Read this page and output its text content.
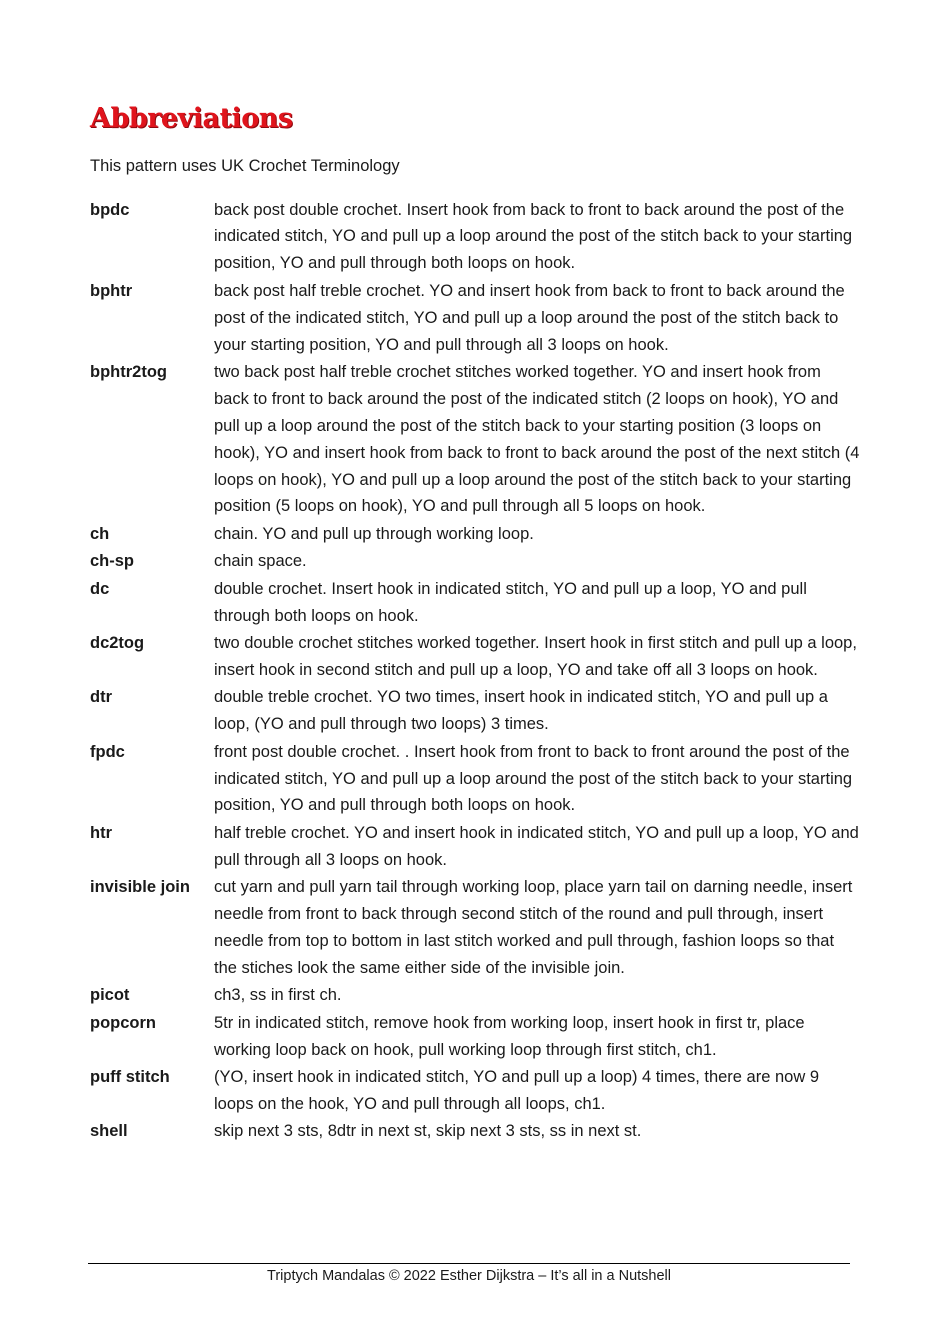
Abbreviations

This pattern uses UK Crochet Terminology

bpdc	back post double crochet. Insert hook from back to front to back around the post of the indicated stitch, YO and pull up a loop around the post of the stitch back to your starting position, YO and pull through both loops on hook.
bphtr	back post half treble crochet. YO and insert hook from back to front to back around the post of the indicated stitch, YO and pull up a loop around the post of the stitch back to your starting position, YO and pull through all 3 loops on hook.
bphtr2tog	two back post half treble crochet stitches worked together. YO and insert hook from back to front to back around the post of the indicated stitch (2 loops on hook), YO and pull up a loop around the post of the stitch back to your starting position (3 loops on hook), YO and insert hook from back to front to back around the post of the next stitch (4 loops on hook), YO and pull up a loop around the post of the stitch back to your starting position (5 loops on hook), YO and pull through all 5 loops on hook.
ch	chain. YO and pull up through working loop.
ch-sp	chain space.
dc	double crochet. Insert hook in indicated stitch, YO and pull up a loop, YO and pull through both loops on hook.
dc2tog	two double crochet stitches worked together. Insert hook in first stitch and pull up a loop, insert hook in second stitch and pull up a loop, YO and take off all 3 loops on hook.
dtr	double treble crochet. YO two times, insert hook in indicated stitch, YO and pull up a loop, (YO and pull through two loops) 3 times.
fpdc	front post double crochet. . Insert hook from front to back to front around the post of the indicated stitch, YO and pull up a loop around the post of the stitch back to your starting position, YO and pull through both loops on hook.
htr	half treble crochet. YO and insert hook in indicated stitch, YO and pull up a loop, YO and pull through all 3 loops on hook.
invisible join	cut yarn and pull yarn tail through working loop, place yarn tail on darning needle, insert needle from front to back through second stitch of the round and pull through, insert needle from top to bottom in last stitch worked and pull through, fashion loops so that the stiches look the same either side of the invisible join.
picot	ch3, ss in first ch.
popcorn	5tr in indicated stitch, remove hook from working loop, insert hook in first tr, place working loop back on hook, pull working loop through first stitch, ch1.
puff stitch	(YO, insert hook in indicated stitch, YO and pull up a loop) 4 times, there are now 9 loops on the hook, YO and pull through all loops, ch1.
shell	skip next 3 sts, 8dtr in next st, skip next 3 sts, ss in next st.
Triptych Mandalas © 2022 Esther Dijkstra – It’s all in a Nutshell
